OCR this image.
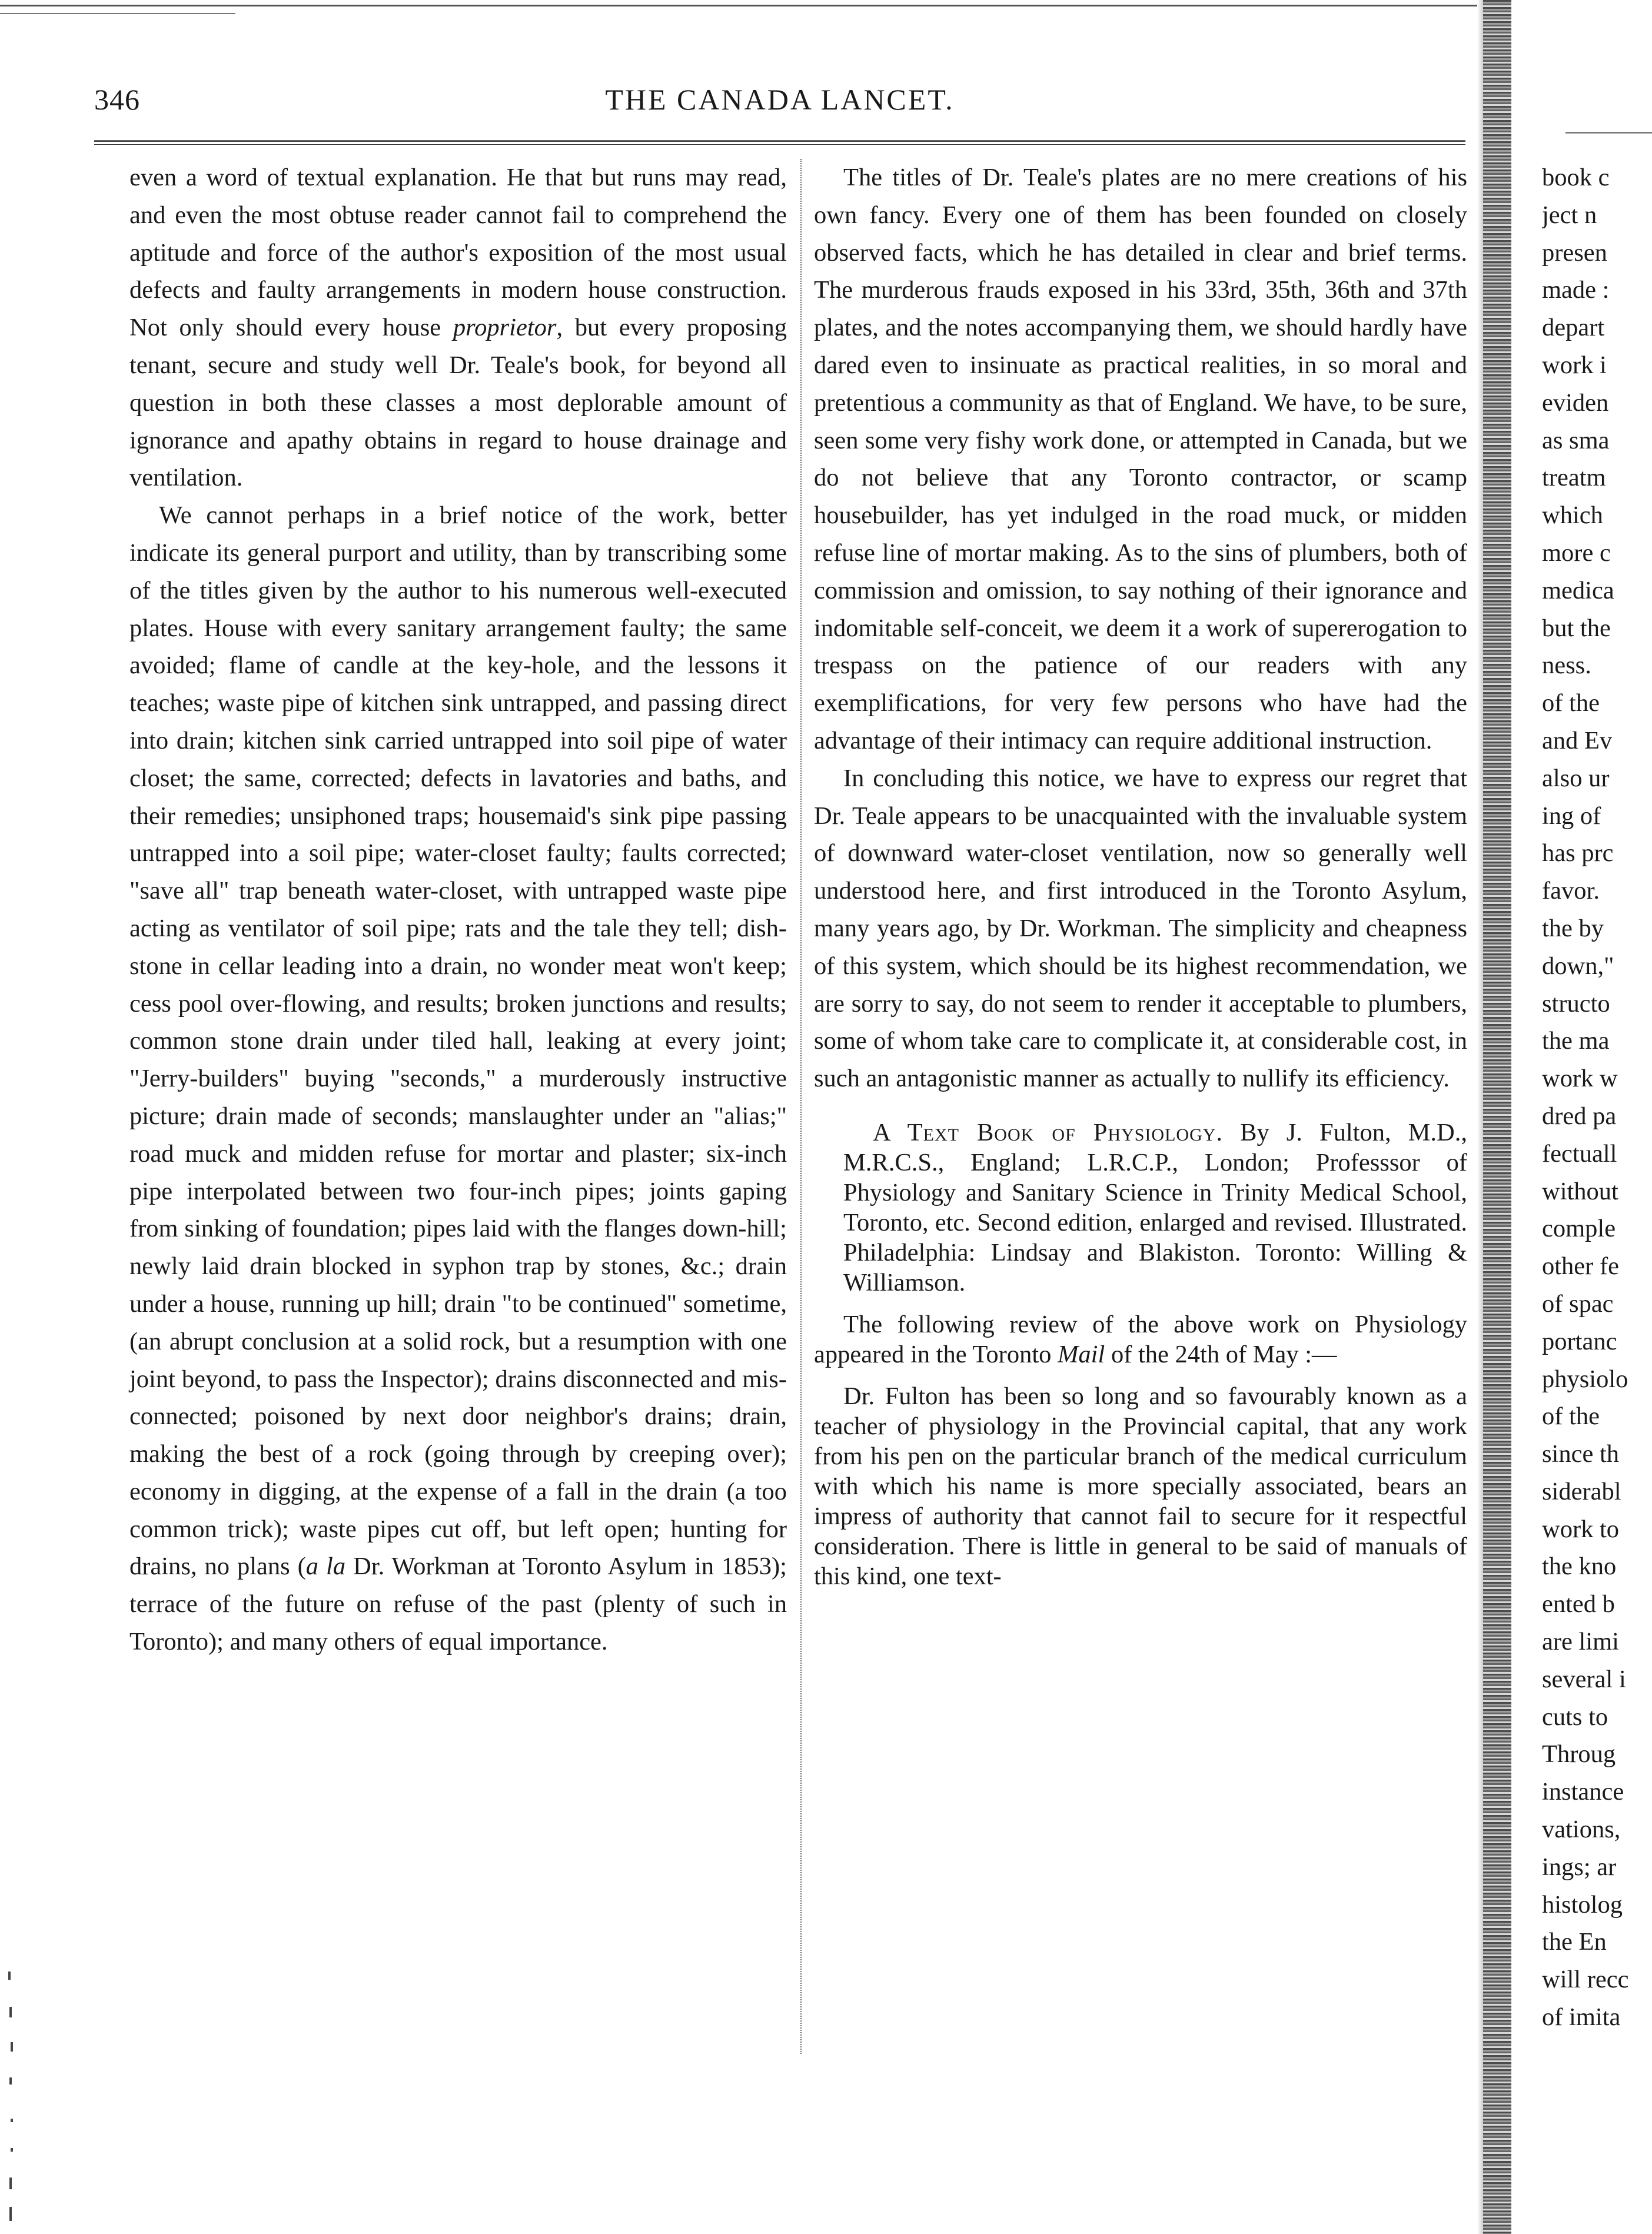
346	THE CANADA LANCET.

even a word of textual explanation. He that but runs may read, and even the most obtuse reader cannot fail to comprehend the aptitude and force of the author's exposition of the most usual defects and faulty arrangements in modern house construction. Not only should every house proprietor, but every proposing tenant, secure and study well Dr. Teale's book, for beyond all question in both these classes a most deplorable amount of ignorance and apathy obtains in regard to house drainage and ventilation.

We cannot perhaps in a brief notice of the work, better indicate its general purport and utility, than by transcribing some of the titles given by the author to his numerous well-executed plates. House with every sanitary arrangement faulty; the same avoided; flame of candle at the key-hole, and the lessons it teaches; waste pipe of kitchen sink untrapped, and passing direct into drain; kitchen sink carried untrapped into soil pipe of water closet; the same, corrected; defects in lavatories and baths, and their remedies; unsiphoned traps; housemaid's sink pipe passing untrapped into a soil pipe; water-closet faulty; faults corrected; "save all" trap beneath water-closet, with untrapped waste pipe acting as ventilator of soil pipe; rats and the tale they tell; dish-stone in cellar leading into a drain, no wonder meat won't keep; cess pool over-flowing, and results; broken junctions and results; common stone drain under tiled hall, leaking at every joint; "Jerry-builders" buying "seconds," a murderously instructive picture; drain made of seconds; manslaughter under an "alias;" road muck and midden refuse for mortar and plaster; six-inch pipe interpolated between two four-inch pipes; joints gaping from sinking of foundation; pipes laid with the flanges down-hill; newly laid drain blocked in syphon trap by stones, &c.; drain under a house, running up hill; drain "to be continued" sometime, (an abrupt conclusion at a solid rock, but a resumption with one joint beyond, to pass the Inspector); drains disconnected and mis-connected; poisoned by next door neighbor's drains; drain, making the best of a rock (going through by creeping over); economy in digging, at the expense of a fall in the drain (a too common trick); waste pipes cut off, but left open; hunting for drains, no plans (a la Dr. Workman at Toronto Asylum in 1853); terrace of the future on refuse of the past (plenty of such in Toronto); and many others of equal importance.

The titles of Dr. Teale's plates are no mere creations of his own fancy. Every one of them has been founded on closely observed facts, which he has detailed in clear and brief terms. The murderous frauds exposed in his 33rd, 35th, 36th and 37th plates, and the notes accompanying them, we should hardly have dared even to insinuate as practical realities, in so moral and pretentious a community as that of England. We have, to be sure, seen some very fishy work done, or attempted in Canada, but we do not believe that any Toronto contractor, or scamp housebuilder, has yet indulged in the road muck, or midden refuse line of mortar making. As to the sins of plumbers, both of commission and omission, to say nothing of their ignorance and indomitable self-conceit, we deem it a work of supererogation to trespass on the patience of our readers with any exemplifications, for very few persons who have had the advantage of their intimacy can require additional instruction.

In concluding this notice, we have to express our regret that Dr. Teale appears to be unacquainted with the invaluable system of downward water-closet ventilation, now so generally well understood here, and first introduced in the Toronto Asylum, many years ago, by Dr. Workman. The simplicity and cheapness of this system, which should be its highest recommendation, we are sorry to say, do not seem to render it acceptable to plumbers, some of whom take care to complicate it, at considerable cost, in such an antagonistic manner as actually to nullify its efficiency.

A Text Book of Physiology. By J. Fulton, M.D., M.R.C.S., England; L.R.C.P., London; Professsor of Physiology and Sanitary Science in Trinity Medical School, Toronto, etc. Second edition, enlarged and revised. Illustrated. Philadelphia: Lindsay and Blakiston. Toronto: Willing & Williamson.

The following review of the above work on Physiology appeared in the Toronto Mail of the 24th of May :—

Dr. Fulton has been so long and so favourably known as a teacher of physiology in the Provincial capital, that any work from his pen on the particular branch of the medical curriculum with which his name is more specially associated, bears an impress of authority that cannot fail to secure for it respectful consideration. There is little in general to be said of manuals of this kind, one text-

book c
ject n
presen
made :
depart
work i
eviden
as sma
treatm
which
more c
medica
but the
ness.
of the
and Ev
also ur
ing of
has prc
favor.
the by
down,"
structo
the ma
work w
dred pa
fectuall
without
comple
other fe
of spac
portanc
physiolo
of the
since th
siderabl
work to
the kno
ented b
are limi
several i
cuts to
Throug
instance
vations,
ings; ar
histolog
the En
will recc
of imita
